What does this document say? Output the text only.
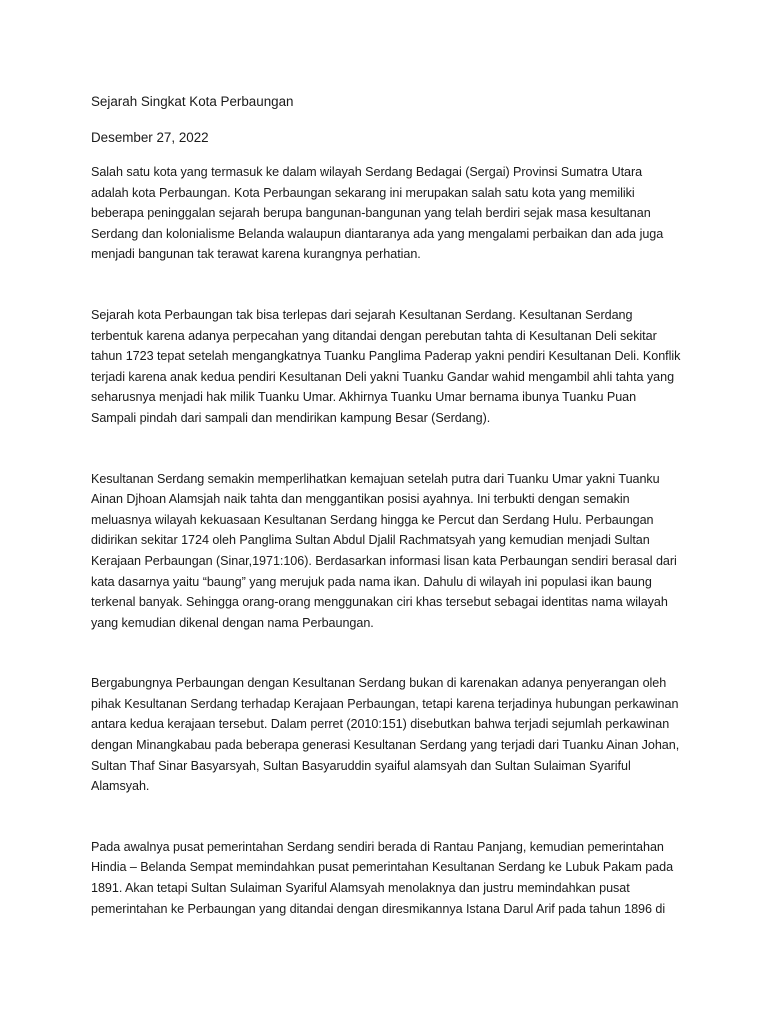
Sejarah Singkat Kota Perbaungan

Desember 27, 2022

Salah satu kota yang termasuk ke dalam wilayah Serdang Bedagai (Sergai) Provinsi Sumatra Utara adalah kota Perbaungan. Kota Perbaungan sekarang ini merupakan salah satu kota yang memiliki beberapa peninggalan sejarah berupa bangunan-bangunan yang telah berdiri sejak masa kesultanan Serdang dan kolonialisme Belanda walaupun diantaranya ada yang mengalami perbaikan dan ada juga menjadi bangunan tak terawat karena kurangnya perhatian.

Sejarah kota Perbaungan tak bisa terlepas dari sejarah Kesultanan Serdang. Kesultanan Serdang terbentuk karena adanya perpecahan yang ditandai dengan perebutan tahta di Kesultanan Deli sekitar tahun 1723 tepat setelah mengangkatnya Tuanku Panglima Paderap yakni pendiri Kesultanan Deli. Konflik terjadi karena anak kedua pendiri Kesultanan Deli yakni Tuanku Gandar wahid mengambil ahli tahta yang seharusnya menjadi hak milik Tuanku Umar. Akhirnya Tuanku Umar bernama ibunya Tuanku Puan Sampali pindah dari sampali dan mendirikan kampung Besar (Serdang).

Kesultanan Serdang semakin memperlihatkan kemajuan setelah putra dari Tuanku Umar yakni Tuanku Ainan Djhoan Alamsjah naik tahta dan menggantikan posisi ayahnya. Ini terbukti dengan semakin meluasnya wilayah kekuasaan Kesultanan Serdang hingga ke Percut dan Serdang Hulu. Perbaungan didirikan sekitar 1724 oleh Panglima Sultan Abdul Djalil Rachmatsyah yang kemudian menjadi Sultan Kerajaan Perbaungan (Sinar,1971:106). Berdasarkan informasi lisan kata Perbaungan sendiri berasal dari kata dasarnya yaitu “baung” yang merujuk pada nama ikan. Dahulu di wilayah ini populasi ikan baung terkenal banyak. Sehingga orang-orang menggunakan ciri khas tersebut sebagai identitas nama wilayah yang kemudian dikenal dengan nama Perbaungan.

Bergabungnya Perbaungan dengan Kesultanan Serdang bukan di karenakan adanya penyerangan oleh pihak Kesultanan Serdang terhadap Kerajaan Perbaungan, tetapi karena terjadinya hubungan perkawinan antara kedua kerajaan tersebut. Dalam perret (2010:151) disebutkan bahwa terjadi sejumlah perkawinan dengan Minangkabau pada beberapa generasi Kesultanan Serdang yang terjadi dari Tuanku Ainan Johan, Sultan Thaf Sinar Basyarsyah, Sultan Basyaruddin syaiful alamsyah dan Sultan Sulaiman Syariful Alamsyah.

Pada awalnya pusat pemerintahan Serdang sendiri berada di Rantau Panjang, kemudian pemerintahan Hindia – Belanda Sempat memindahkan pusat pemerintahan Kesultanan Serdang ke Lubuk Pakam pada 1891. Akan tetapi Sultan Sulaiman Syariful Alamsyah menolaknya dan justru memindahkan pusat pemerintahan ke Perbaungan yang ditandai dengan diresmikannya Istana Darul Arif pada tahun 1896 di
